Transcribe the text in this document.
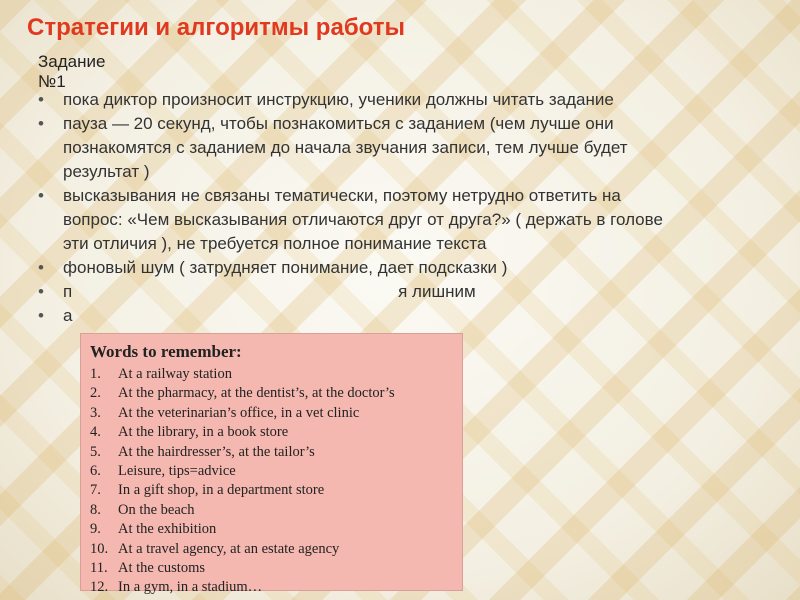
Стратегии и алгоритмы работы
Задание №1
• пока диктор произносит инструкцию, ученики должны читать задание
• пауза — 20 секунд, чтобы познакомиться с заданием (чем лучше они познакомятся с заданием до начала звучания записи, тем лучше будет результат )
• высказывания не связаны тематически, поэтому нетрудно ответить на вопрос: «Чем высказывания отличаются друг от друга?» ( держать в голове эти отличия ), не требуется полное понимание текста
• фоновый шум ( затрудняет понимание, дает подсказки )
• п                                                                     я лишним
• а
Words to remember:
1. At a railway station
2. At the pharmacy, at the dentist’s, at the doctor’s
3. At the veterinarian’s office, in a vet clinic
4. At the library, in a book store
5. At the hairdresser’s, at the tailor’s
6. Leisure, tips=advice
7. In a gift shop, in a department store
8. On the beach
9. At the exhibition
10. At a travel agency, at an estate agency
11. At the customs
12. In a gym, in a stadium…
